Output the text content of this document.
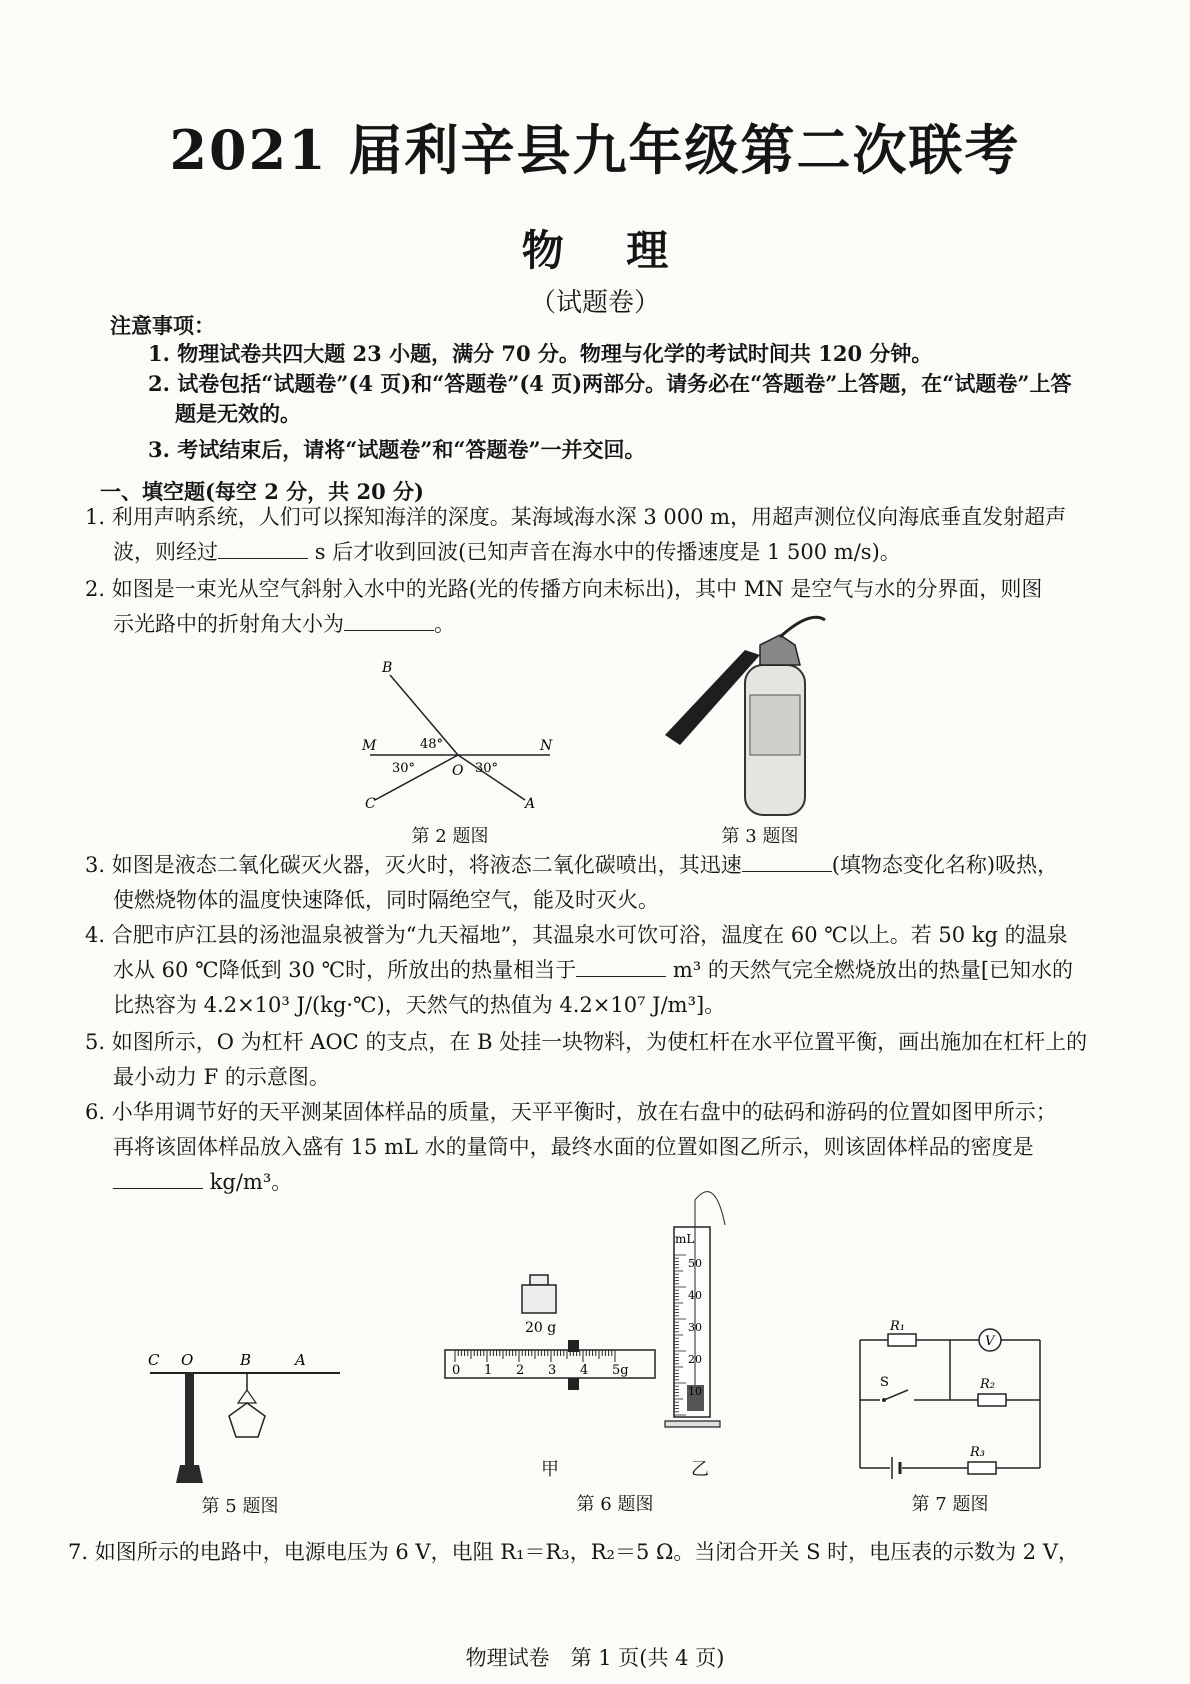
2021 届利辛县九年级第二次联考
物 理
（试题卷）
注意事项：
1. 物理试卷共四大题 23 小题，满分 70 分。物理与化学的考试时间共 120 分钟。
2. 试卷包括“试题卷”(4 页)和“答题卷”(4 页)两部分。请务必在“答题卷”上答题，在“试题卷”上答
题是无效的。
3. 考试结束后，请将“试题卷”和“答题卷”一并交回。
一、填空题(每空 2 分，共 20 分)
1. 利用声呐系统，人们可以探知海洋的深度。某海域海水深 3 000 m，用超声测位仪向海底垂直发射超声
波，则经过	s 后才收到回波(已知声音在海水中的传播速度是 1 500 m/s)。
2. 如图是一束光从空气斜射入水中的光路(光的传播方向未标出)，其中 MN 是空气与水的分界面，则图
示光路中的折射角大小为	。
B
M	N
O
C	A
48°
30°	30°
第 2 题图	第 3 题图
3. 如图是液态二氧化碳灭火器，灭火时，将液态二氧化碳喷出，其迅速	(填物态变化名称)吸热，
使燃烧物体的温度快速降低，同时隔绝空气，能及时灭火。
4. 合肥市庐江县的汤池温泉被誉为“九天福地”，其温泉水可饮可浴，温度在 60 ℃以上。若 50 kg 的温泉
水从 60 ℃降低到 30 ℃时，所放出的热量相当于	m³ 的天然气完全燃烧放出的热量[已知水的
比热容为 4.2×10³ J/(kg·℃)，天然气的热值为 4.2×10⁷ J/m³]。
5. 如图所示，O 为杠杆 AOC 的支点，在 B 处挂一块物料，为使杠杆在水平位置平衡，画出施加在杠杆上的
最小动力 F 的示意图。
6. 小华用调节好的天平测某固体样品的质量，天平平衡时，放在右盘中的砝码和游码的位置如图甲所示；
再将该固体样品放入盛有 15 mL 水的量筒中，最终水面的位置如图乙所示，则该固体样品的密度是
kg/m³。
C O	B	A
第 5 题图
20 g
0 1 2 3 4 5g
甲
mL
50
40
30
20
10
乙
第 6 题图
V
R₁
R₂
R₃
S
第 7 题图
7. 如图所示的电路中，电源电压为 6 V，电阻 R₁＝R₃，R₂＝5 Ω。当闭合开关 S 时，电压表的示数为 2 V，
物理试卷　第 1 页(共 4 页)
